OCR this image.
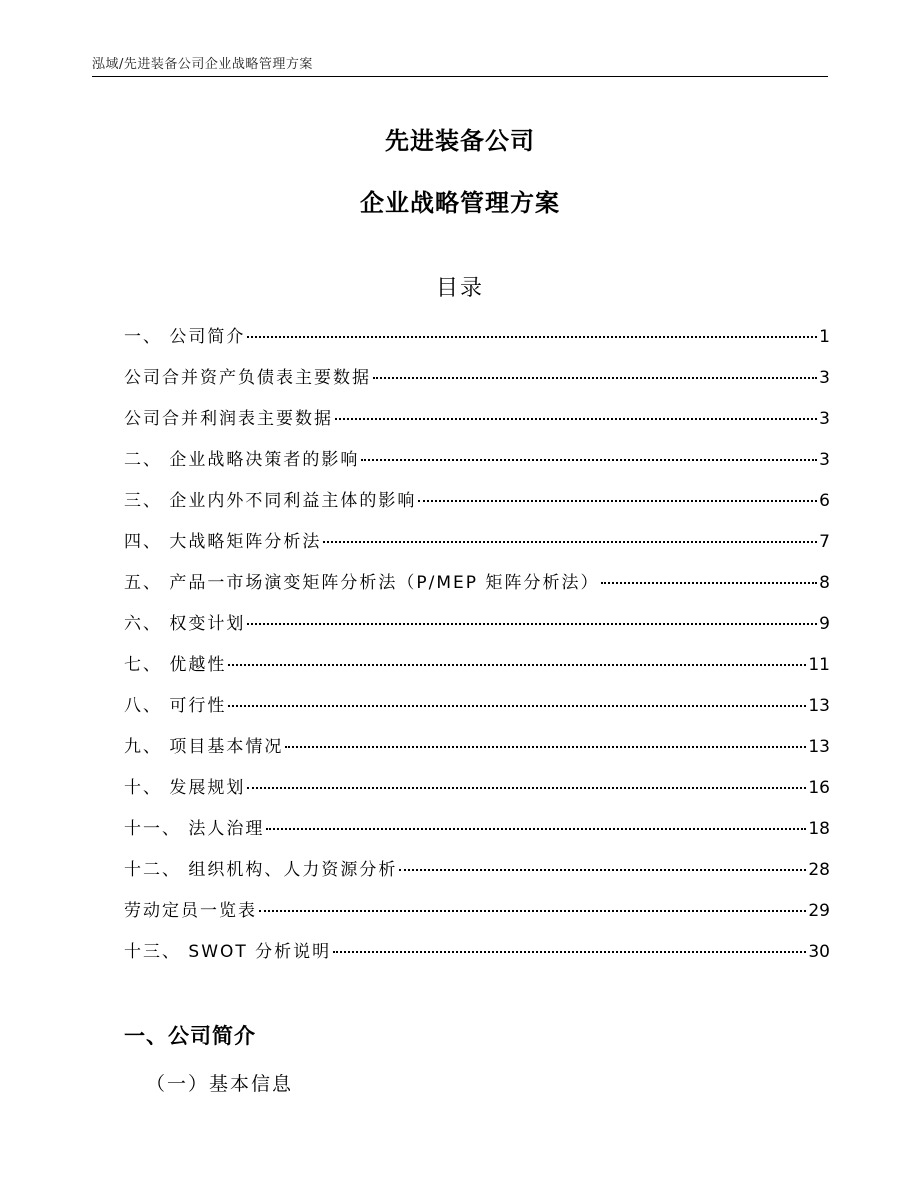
泓域/先进装备公司企业战略管理方案
先进装备公司
企业战略管理方案
目录
一、 公司简介	1
公司合并资产负债表主要数据	3
公司合并利润表主要数据	3
二、 企业战略决策者的影响	3
三、 企业内外不同利益主体的影响	6
四、 大战略矩阵分析法	7
五、 产品一市场演变矩阵分析法（P/MEP 矩阵分析法）	8
六、 权变计划	9
七、 优越性	11
八、 可行性	13
九、 项目基本情况	13
十、 发展规划	16
十一、 法人治理	18
十二、 组织机构、人力资源分析	28
劳动定员一览表	29
十三、 SWOT 分析说明	30
一、公司简介
（一）基本信息
